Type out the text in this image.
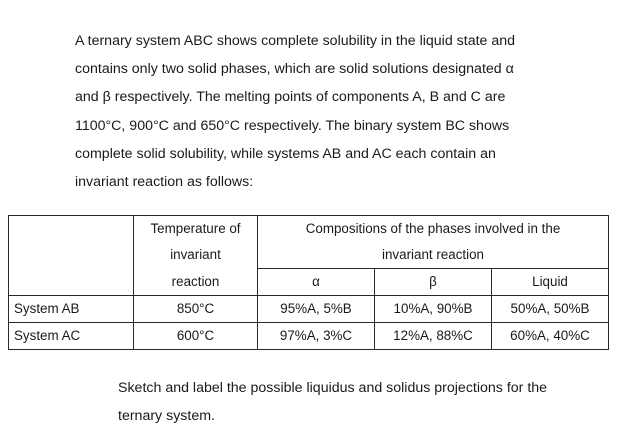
A ternary system ABC shows complete solubility in the liquid state and
contains only two solid phases, which are solid solutions designated α
and β respectively. The melting points of components A, B and C are
1100°C, 900°C and 650°C respectively. The binary system BC shows
complete solid solubility, while systems AB and AC each contain an
invariant reaction as follows:
	Temperature of	Compositions of the phases involved in the		
	invariant	invariant reaction		
	reaction	α	β	Liquid
System AB	850°C	95%A, 5%B	10%A, 90%B	50%A, 50%B
System AC	600°C	97%A, 3%C	12%A, 88%C	60%A, 40%C
Sketch and label the possible liquidus and solidus projections for the
ternary system.
